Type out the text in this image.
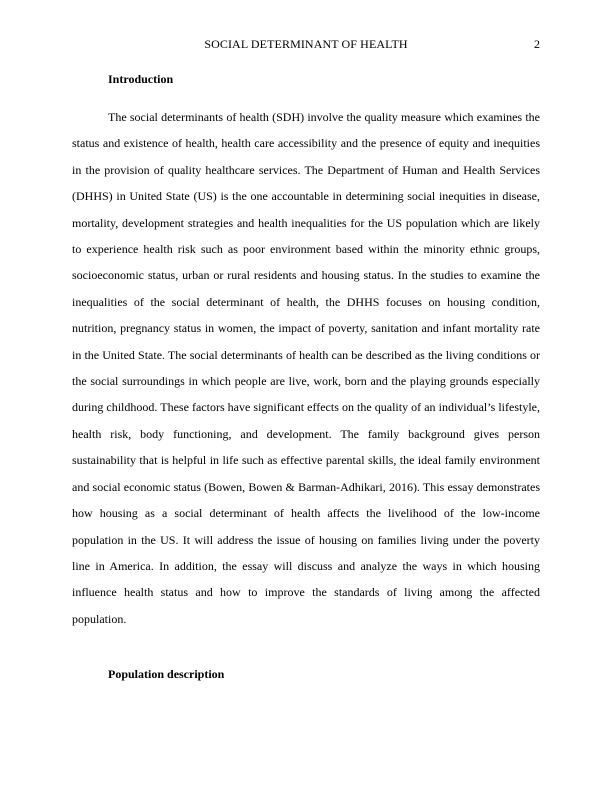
SOCIAL DETERMINANT OF HEALTH	2
Introduction

The social determinants of health (SDH) involve the quality measure which examines the status and existence of health, health care accessibility and the presence of equity and inequities in the provision of quality healthcare services. The Department of Human and Health Services (DHHS) in United State (US) is the one accountable in determining social inequities in disease, mortality, development strategies and health inequalities for the US population which are likely to experience health risk such as poor environment based within the minority ethnic groups, socioeconomic status, urban or rural residents and housing status. In the studies to examine the inequalities of the social determinant of health, the DHHS focuses on housing condition, nutrition, pregnancy status in women, the impact of poverty, sanitation and infant mortality rate in the United State. The social determinants of health can be described as the living conditions or the social surroundings in which people are live, work, born and the playing grounds especially during childhood. These factors have significant effects on the quality of an individual’s lifestyle, health risk, body functioning, and development. The family background gives person sustainability that is helpful in life such as effective parental skills, the ideal family environment and social economic status (Bowen, Bowen & Barman-Adhikari, 2016). This essay demonstrates how housing as a social determinant of health affects the livelihood of the low-income population in the US. It will address the issue of housing on families living under the poverty line in America. In addition, the essay will discuss and analyze the ways in which housing influence health status and how to improve the standards of living among the affected population.

Population description
